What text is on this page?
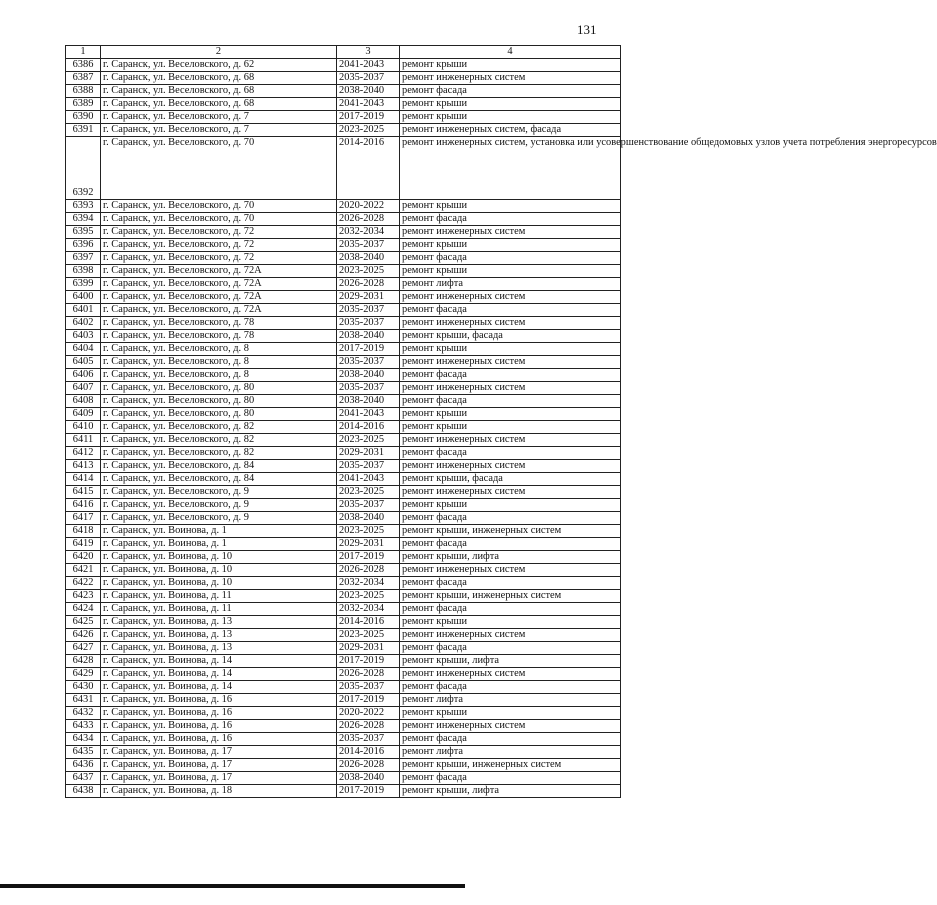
131
1	2	3	4
6386	г. Саранск, ул. Веселовского, д. 62	2041-2043	ремонт крыши
6387	г. Саранск, ул. Веселовского, д. 68	2035-2037	ремонт инженерных систем
6388	г. Саранск, ул. Веселовского, д. 68	2038-2040	ремонт фасада
6389	г. Саранск, ул. Веселовского, д. 68	2041-2043	ремонт крыши
6390	г. Саранск, ул. Веселовского, д. 7	2017-2019	ремонт крыши
6391	г. Саранск, ул. Веселовского, д. 7	2023-2025	ремонт инженерных систем, фасада
6392	г. Саранск, ул. Веселовского, д. 70	2014-2016	ремонт инженерных систем, установка или усовершенствование общедомовых узлов учета потребления энергоресурсов
6393	г. Саранск, ул. Веселовского, д. 70	2020-2022	ремонт крыши
6394	г. Саранск, ул. Веселовского, д. 70	2026-2028	ремонт фасада
6395	г. Саранск, ул. Веселовского, д. 72	2032-2034	ремонт инженерных систем
6396	г. Саранск, ул. Веселовского, д. 72	2035-2037	ремонт крыши
6397	г. Саранск, ул. Веселовского, д. 72	2038-2040	ремонт фасада
6398	г. Саранск, ул. Веселовского, д. 72А	2023-2025	ремонт крыши
6399	г. Саранск, ул. Веселовского, д. 72А	2026-2028	ремонт лифта
6400	г. Саранск, ул. Веселовского, д. 72А	2029-2031	ремонт инженерных систем
6401	г. Саранск, ул. Веселовского, д. 72А	2035-2037	ремонт фасада
6402	г. Саранск, ул. Веселовского, д. 78	2035-2037	ремонт инженерных систем
6403	г. Саранск, ул. Веселовского, д. 78	2038-2040	ремонт крыши, фасада
6404	г. Саранск, ул. Веселовского, д. 8	2017-2019	ремонт крыши
6405	г. Саранск, ул. Веселовского, д. 8	2035-2037	ремонт инженерных систем
6406	г. Саранск, ул. Веселовского, д. 8	2038-2040	ремонт фасада
6407	г. Саранск, ул. Веселовского, д. 80	2035-2037	ремонт инженерных систем
6408	г. Саранск, ул. Веселовского, д. 80	2038-2040	ремонт фасада
6409	г. Саранск, ул. Веселовского, д. 80	2041-2043	ремонт крыши
6410	г. Саранск, ул. Веселовского, д. 82	2014-2016	ремонт крыши
6411	г. Саранск, ул. Веселовского, д. 82	2023-2025	ремонт инженерных систем
6412	г. Саранск, ул. Веселовского, д. 82	2029-2031	ремонт фасада
6413	г. Саранск, ул. Веселовского, д. 84	2035-2037	ремонт инженерных систем
6414	г. Саранск, ул. Веселовского, д. 84	2041-2043	ремонт крыши, фасада
6415	г. Саранск, ул. Веселовского, д. 9	2023-2025	ремонт инженерных систем
6416	г. Саранск, ул. Веселовского, д. 9	2035-2037	ремонт крыши
6417	г. Саранск, ул. Веселовского, д. 9	2038-2040	ремонт фасада
6418	г. Саранск, ул. Воинова, д. 1	2023-2025	ремонт крыши, инженерных систем
6419	г. Саранск, ул. Воинова, д. 1	2029-2031	ремонт фасада
6420	г. Саранск, ул. Воинова, д. 10	2017-2019	ремонт крыши, лифта
6421	г. Саранск, ул. Воинова, д. 10	2026-2028	ремонт инженерных систем
6422	г. Саранск, ул. Воинова, д. 10	2032-2034	ремонт фасада
6423	г. Саранск, ул. Воинова, д. 11	2023-2025	ремонт крыши, инженерных систем
6424	г. Саранск, ул. Воинова, д. 11	2032-2034	ремонт фасада
6425	г. Саранск, ул. Воинова, д. 13	2014-2016	ремонт крыши
6426	г. Саранск, ул. Воинова, д. 13	2023-2025	ремонт инженерных систем
6427	г. Саранск, ул. Воинова, д. 13	2029-2031	ремонт фасада
6428	г. Саранск, ул. Воинова, д. 14	2017-2019	ремонт крыши, лифта
6429	г. Саранск, ул. Воинова, д. 14	2026-2028	ремонт инженерных систем
6430	г. Саранск, ул. Воинова, д. 14	2035-2037	ремонт фасада
6431	г. Саранск, ул. Воинова, д. 16	2017-2019	ремонт лифта
6432	г. Саранск, ул. Воинова, д. 16	2020-2022	ремонт крыши
6433	г. Саранск, ул. Воинова, д. 16	2026-2028	ремонт инженерных систем
6434	г. Саранск, ул. Воинова, д. 16	2035-2037	ремонт фасада
6435	г. Саранск, ул. Воинова, д. 17	2014-2016	ремонт лифта
6436	г. Саранск, ул. Воинова, д. 17	2026-2028	ремонт крыши, инженерных систем
6437	г. Саранск, ул. Воинова, д. 17	2038-2040	ремонт фасада
6438	г. Саранск, ул. Воинова, д. 18	2017-2019	ремонт крыши, лифта
